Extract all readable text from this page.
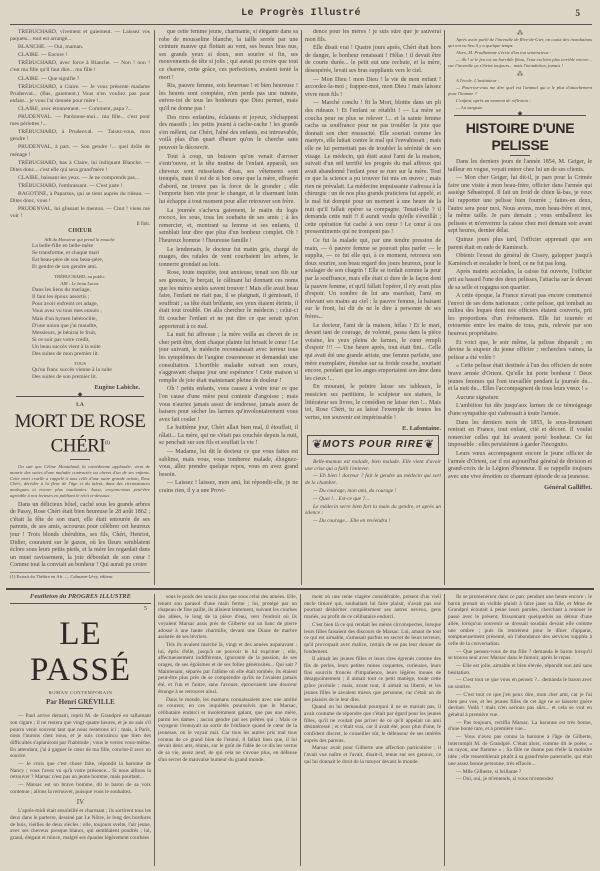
Le Progrès Illustré	5

TRÉBUCHARD, vivement et gaiement. — Laissez vos paquets... tout est arrangé...

BLANCHE. — Oui, maman.

CLAIRE. — Encore !

TRÉBUCHARD, avec force à Blanche. — Non ! non ! c'est ma fille qu'il faut dire... ma fille !

CLAIRE. — Que signifie ?

TRÉBUCHARD, à Claire. — Je vous présente madame Prudenval... (Bas, gaiement.) Vous n'en vouliez pas pour enfant... je vous l'ai donnée pour mère !...

CLAIRE, avec étonnement. — Comment, papa ?...

PRUDENVAL. — Pardonne-moi... ma fille... c'est pour mes périettes !...

TRÉBUCHARD, à Prudenval. — Taisez-vous, mon gendre !

PRUDENVAL, à part. — Son gendre !... quel drôle de ménage !

TRÉBUCHARD, bas à Claire, lui indiquant Blanche. — Dites donc... c'est elle qui sera grand'mère !

CLAIRE, baissant les yeux. — Je ne comprends pas...

TRÉBUCHARD, l'embrassant. — C'est juste !

RAGOTINE, à Paparsus, qui se tient auprès du rideau. — Dites donc, vous !

PRUDENVAL, lui glissant le menton. — Chut ! viens me voir !

Il finit.
CHŒUR
AIR du Monsieur qui prend la mouche.
La belle-fille en belle-mère
Se transforme, et chaque mari
Est beau-père de son beau-père,
Et gendre de son gendre ami.
TRÉBUCHARD, au public.
AIR : Le beau Lucas.
Dans les liens du mariage,
Il faut les époux assortis ;
Pour avoir enfreint cet adage,
Vous avez vu tous mes ennuis ;
Mais d'un hymen hétéroclite,
D'une union que j'ai maudite,
Messieurs, je bénirai le fruit,
Si ce soir par votre crédit,
Un beau succès vient à la suite
Des suites de mon premier lit.
TOUS
Qu'un franc succès vienne à la suite
Des suites de son premier lit.
Eugène Labiche.
◆
LA
MORT DE ROSE CHÉRI$^{(1)}$

On sait que Céline Montaland, la comédienne applaudie, vient de mourir des suites d'une maladie contractée au chevet d'un de ses enfants. Cette mort cruelle a rappelé à tous celle d'une autre grande artiste, Rose Chéri, décédée à la fleur de l'âge et du talent, dans des circonstances analogues et encore plus touchantes. Aussi, croyons-nous peut-être agréable à nos lecteurs en publiant le récit ci-dessous :

Dans un délicieux hôtel, caché sous les grands arbres de Passy, Rose Chéri était bien heureuse le 28 août 1862 ; c'était la fête de son mari, elle était entourée de ses parents, de ses amis, accourus pour célébrer cet heureux jour ! Trois blonds chérubins, ses fils, Chéri, Henriot, Didier, couraient sur le gazon, où les fleurs semblaient éclore sous leurs petits pieds, et la mère les regardait dans un muet ravissement, la joie débordait de son cœur ! Comme tout la conviait au bonheur ! Qui aurait pu croire

(1) Extrait du Théâtre en Afr. — Calmann-Lévy, éditeur.

que cette femme jeune, charmante, si élégante dans sa robe de mousseline blanche, la taille serrée par une ceinture mauve qui flottait au vent, ses beaux bras nus, ses grands yeux si doux, son sourire si fin, ses mouvements de tête si jolis ; qui aurait pu croire que tout ce charme, cette grâce, ces perfections, avaient tenté la mort !

Ris, pauvre femme, sois heureuse ! et bien heureuse ! les heures sont comptées, n'en perds pas une minute, enivre-toi de tous les bonheurs que Dieu permet, mais qu'il ne donne pas !

Des rires enfantins, éclatants et joyeux, s'échappent des massifs ; les petits jouent à cache-cache ! les grands s'en mêlent, car Chéri, l'aîné des enfants, est introuvable, voilà plus d'un quart d'heure qu'on le cherche sans pouvoir le découvrir.

Tout à coup, un buisson qu'on venait d'arroser s'entr'ouvre, et la tête mutine de l'enfant apparaît, ses cheveux sont ruisselants d'eau, ses vêtements sont trempés, mais il est de si bon cœur que la mère, effrayée d'abord, ne trouve pas la force de le gronder ; elle l'emporte bien vite pour le changer, et le charmant lutin lui échappe à tout moment pour aller retrouver son frère.

La journée s'acheva gaiement, le matin du logis rococo, les sous, tous les souhaits de ses amis ; à les remercier, et, montrant sa femme et ses enfants, il semblait leur dire que plus d'un bonheur complet. Oh ! l'heureux homme ! l'heureuse famille !

Le lendemain, le docteur fut matin gris, chargé de nuages, des rafales de vent courbaient les arbres, le tonnerre grondait au loin.

Rose, toute inquiète, tout anxieuse, tenait son fils sur ses genoux, le berçait, le câlinant lui donnant ces noms que les mères seules savent trouver ! Mais elle avait beau faire, l'enfant ne riait pas, il se plaignait, il gémissait, il souffrait ; sa tête était brûlante, ses yeux étaient éteints, il était tout troublé. On alla chercher le médecin ; celui-ci fit coucher l'enfant et ne put dire ce que serait qu'on apporterait à ce mal.

La nuit fut affreuse ; la mère veilla au chevet de ce cher petit être, dont chaque plainte lui brisait le cœur ! Le jour suivant, le médecin reconnaissait avec terreur tous les symptômes de l'angine couenneuse et demandait une consultation. L'horrible maladie suivait son cours, s'aggravant chaque jour une espérance ! Cette maison si remplie de joie était maintenant pleine de douleur !

Oh ! petits enfants, vous causez à votre tour ce que l'on cause d'une mère peut contenir d'angoisse ; mais vous n'auriez jamais assez de tendresse, jamais assez de baisers pour sécher les larmes qu'involontairement vous avez fait couler !

Le huitième jour, Chéri allait bien mal, il étouffait, il râlait... La mère, qui ne s'était pas couchée depuis la nuit, se penchait sur son fils et souffait la vie !

— Madame, lui dit le docteur ce que vous faites est sublime, mais vous, vous tomberez malade, éloignez-vous, allez prendre quelque repos, vous en avez grand besoin.

— Laissez ! laissez, mon ami, lui répondit-elle, je ne crains rien, il y a une Provi-

dence pour les mères ! je suis sûre que je sauverai mon fils.

Elle disait vrai ! Quatre jours après, Chéri était hors de danger, le bonheur renaissait ! Hélas ! il devait être de courte durée... le petit eut une rechute, et la mère, désespérée, levait ses bras suppliants vers le ciel.

— Mon Dieu ! mon Dieu ! la vie de mon enfant ! accordez-la-moi ; frappez-moi, mon Dieu ! mais laissez vivre mon fils !

— Marché conclu ! fit la Mort, blottie dans un pli des rideaux ! Et l'enfant se rétablit ! — La mère se coucha pour ne plus se relever !... et la sainte femme cacha sa souffrance pour ne pas troubler la joie que donnait son cher ressuscité. Elle souriait comme les martyrs, elle luttait contre le mal qui l'envahissait ; mais elle ne lui permettait pas de troubler la sérénité de son visage. Le médecin, qui était aussi l'ami de la maison, suivait d'un œil terrifié les progrès du mal affreux qui avait abandonné l'enfant pour se ruer sur la mère. Tout ce que la science a pu trouver fut mis en œuvre ; mais rien ne prévalait. La médecine impuissante s'adressa à la chirurgie : un de nos plus grands praticiens fut appelé, et le mal fut dompté pour un moment à une heure de la nuit qu'il fallait opérer sa compagne. Tenait-elle ? il demanda cette nuit !! il aurait voulu qu'elle s'éveillât ; cette opération fut caché à son cœur ! Le cœur à ces pressentiments qui ne trompent pas !

Ce fut la malade qui, par une tendre pression de main, — ô pauvre femme se pouvait plus parler — le supplia, — ce fut elle qui, à ce moment, retrouva son doux sourire, son beau regard des jours heureux, pour le soulager de son chagrin ! Elle se tordait comme la peur par la souffrance, mais elle était si dure de la façon dont la pauvre femme, et qu'il fallait l'opérer, il n'y avait plus d'espoir. Un sombre de lui ans marchait, l'ami en relevant ses mains au ciel : la pauvre femme, la baisant sur le front, lui dit de ne le dire à personne de ses frères...

Le docteur, l'ami de la maison, hélas ! Et le mari, devant tant de courage, de volonté, passa dans la pièce voisine, les yeux pleins de larmes, le cœur rempli d'espoir !!! — Une heure après, tout était fini... Celle qui avait été une grande artiste, une femme parfaite, une mère exemplaire, étendue sur sa froide couche, souriant encore, pendant que les anges emportaient son âme dans les cieux !...

En mourant, le peintre laisse ses tableaux, le musicien ses partitions, le sculpteur ses statues, le littérateur ses livres, le comédien ne laisse rien !... Mais toi, Rose Chéri, tu as laissé l'exemple de toutes les vertus, ton souvenir est impérissable !

E. Lafontaine.
❦ MOTS POUR RIRE ❦

Belle-maman est malade, bien malade. Elle vient d'avoir une crise qui a failli l'enlever.

— Eh bien ! docteur ? fait le gendre au médecin qui sort de la chambre.

— Du courage, mon ami, du courage !

— Quoi !... Est-ce que ?...

Le médecin serre bien fort la main du gendre, et après un silence :

— Du courage... Elle en reviendra !

⁂

Après avoir parlé de l'incendie de Rive-de-Gier, on cause des inondations qui ont eu lieu il y a quelque temps.

Alors, M. Prudhomme s'écrie d'un ton sentencieux :

— Ah ! si le feu est un horrible fléau, l'eau est bien plus terrible encore... car l'incendie ça s'éteint toujours... mais l'inondation, jamais !

⁂

A l'école. L'instituteur :

— Pourriez-vous me dire quel est l'animal qui a le plus d'attachement pour l'homme ?

L'enfant, après un moment de réflexion :

— La sangsue.

◆
HISTOIRE D'UNE PELISSE

Dans les derniers jours de l'année 1854, M. Geiger, le tailleur en vogue, voyait entrer chez lui un de ses clients.

— Mon cher Geiger, lui dit-il, je pars pour la Crimée faire une visite à mon beau-frère, officier dans l'armée qui assiège Sébastopol. Il fait un froid de chien là-bas, je veux lui rapporter une pelisse bien fourrée ; faites-en deux, l'autre sera pour moi. Nous avons, mon beau-frère et moi, la même taille. Je pars demain ; vous emballerez les pelisses et m'enverrez la caisse chez moi demain soir avant sept heures, dernier délai.

Quinze jours plus tard, l'officier apprenait que son parent était en rade de Kamiesch.

Obtenir l'exeat du général de Cissey, galopper jusqu'à Kamiesch et escalader le bord, ce ne fut pas long.

Après maints accolades, la caisse fut ouverte, l'officier prit au hasard l'une des deux pelisses, l'attacha sur le devant de sa selle et regagna son quartier.

A cette époque, la France n'avait pas encore commencé l'envoi de ses dons nationaux ; cette pelisse, qui tombait au milieu des loques dont nos officiers étaient couverts, prit les proportions d'un événement. Elle fut tournée et retournée entre les mains de tous, puis, relevée par son heureux propriétaire.

Et voici que, le soir même, la pelisse disparaît ; on devine la stupeur du jeune officier ; recherches vaines, la pelisse a été volée !

« Cette pelisse était destinée à l'un des officiers de notre brave armée d'Orient. Qu'elle lui porte bonheur ! Deux jeunes femmes qui l'ont travaillée pendant la journée du... et la nuit du... Elles l'accompagnent de tous leurs vœux ! »

Aucune signature.

L'ambition fut dès jusqu'aux larmes de ce témoignage d'une sympathie qui s'adressait à toute l'armée.

Dans les derniers mois de 1855, le sous-lieutenant rentrait en France, tout enfant, cité et décoré. Il voulut remercier celles qui lui avaient porté bonheur. Ce fut impossible : elles persistèrent à garder l'incognito.

Leurs vœux accompagnent encore le jeune officier de l'armée d'Orient, car il est aujourd'hui général de division et grand-croix de la Légion d'honneur. Il se rappelle toujours avec une vive émotion ce charmant épisode de sa jeunesse.

Général Galliffet.
Feuilleton du PROGRÈS ILLUSTRÉ
5
LE PASSÉ
ROMAN CONTEMPORAIN
Par Henri GRÉVILLE

— Paul arrive demain, reprit M. de Grandpré en rallumant son cigare ; il ne restera que vingt-quatre heures, et je ne sais s'il pourra venir souvent tant que nous resterons ici ; mais, à Paris, nous l'aurons chez nous, et je suis convaincu que bien des difficultés s'aplaniront par l'habitude ; vous le verrez vous-même. En attendant, j'ai à gagner le cœur de ma fille, conclut-il avec un sourire.

— Je crois que c'est chose faite, répondit la baronne de Nancy ; vous l'avez vu qu'à votre présence... Si nous allions la retrouver ? Marsac n'est pas un jeune homme, mais pourtant...

— Marsac est un brave homme, dit le baron de sa voix contenue ; allons la retrouver, puisque vous le souhaitez.

IV

L'après-midi était ensoleillé et charmant ; ils sortirent tous les deux dans le parterre, dessiné par Le Nôtre, le long des bordures de buis, vieilles de deux siècles : elle, toujours svelte, l'air jeune, avec ses cheveux presque blancs, qui semblaient poudrés ; lui, grand, élégant et mince, malgré ses épaules légèrement courbées

sous le poids des soucis plus que sous celui des années. Elle, tenant son parasol d'une main ferme ; lui, protégé par un chapeau de fine paille, ils allaient lentement, suivant les courbes des allées, le long de la pièce d'eau, vers l'endroit où ils voyaient Marsac assis près de Gilberte sur un banc de pierre adossé à une haute charmille, devant une Diane de marbre assistée de ses lévriers.

Tels ils avaient marché là, vingt et des années auparavant : lui, épris d'elle, jusqu'à ne pouvoir le lui exprimer ; elle, affectueusement indifférente, ignorante de la passion, de ses orages, de ses égoïsmes et de ses folles générosités... Qui sait ? Maintenant, séparés par l'abîme où elle était tombée, ils étaient peut-être plus près de se comprendre qu'ils ne l'avaient jamais été, et l'un et l'autre, sans l'avouer, éprouvaient une douceur étrange à se retrouver ainsi.

Dans le monde, les mamans connaissaient avec une amitié ce coureur, en ces inquiétés poursuivis que le Marsac, célibataire endurci et insolemment galant, que pas une mère, parmi les dames ; aucun gendre par ses prêtres qui ; Mais ce voyageur l'ennuyait au sortir de l'enfance quand le cœur de la jeunesse, on le voyait mal. Car tous les autres pris mal tous connus de ce grand bien de l'ennui, il fallait bien que, il lui devait deux arts, réunis, sur le goût de l'idée de ce dis les vertus de sa vie, assez neuf, de qui cela ne s'avoue plus, en défense d'un secret de mauvaise humeur du grand monde.

ment où une rente viagère considérable, présent d'un vieil oncle timoré qui, souhaitant lui faire plaisir, n'avait pas osé pourtant déshériter complètement ses autres neveux, gens mariés, au profit de ce célibataire endurci.

C'est bien là ce qui rendait les mères circonspectes, lorsque leurs filles faisaient des discours de Marsac. Lui, amant de tout ce qui est aimable, s'amusait parfois en secret de leurs terreurs, qu'il provoquait avec malice, certain de ne pas leur donner de fondement.

Il aimait les jeunes filles et leurs rires égrenés comme des fils de perles, leurs petites mines coquettes, curieuses, leurs fins sourcils froncés d'impatience, leurs légères moues de désappointement ; il aimait tout ce petit manège, toute cette grâce juvénile ; mais, avant tout, il aimait sa liberté, et les jeunes filles le savaient mieux que personne, car c'était un de ses plaisirs de le leur dire.

Quand on lui demandait pourquoi il ne se mariait pas, il avait coutume de répondre que c'était par égard pour les jeunes filles, qu'il ne voulait pas priver de ce qu'il appelait un ami désintéressé ; et c'était vrai, car il avait été, pour plus d'une, le confident discret, le conseiller sûr, le défenseur de ses intérêts auprès des parents.

Marsac avait pour Gilberte une affection particulière ; il l'avait vue naître et l'avait, disait-il, tenue sur ses genoux, ce qui lui donnait le droit de la tutoyer devant le monde.

Ils se promenèrent dans ce parc pendant une heure encore ; le baron prenait un visible plaisir à faire jaser sa fille, et Mme de Grandpré écoutait à peine leurs paroles, cherchant à renouer le passé avec le présent, frissonnant quelquefois au détour d'une allée, lorsqu'un souvenir se dressait soudain devant elle comme une ombre ; puis ils rentrèrent pour le dîner d'apparat, somptueusement présenté, où l'abondance des services suppléa à celle de la conversation.

— Que pensez-vous de ma fille ? demanda le baron lorsqu'il se trouva seul avec Marsac dans le fumoir, après le repas.

— Elle est jolie, aimable et bien élevée, répondit son ami sans hésitation.

— C'est tout ce que vous en pensez ?... demanda le baron avec un sourire.

— C'est tout ce que j'en peux dire, mon cher ami, car je l'ai bien peu vue, et les jeunes filles de cet âge ne se laissent guère deviner. Voilà ! mais n'en serions pas sûrs... et cela se voit en général à première vue.

— Pas toujours, rectifia Marsac. La baronne est très bonne, d'une bonté rare, et à première vue...

— Vous n'avez pas connu la baronne à l'âge de Gilberte, interrompit M. de Grandpré. C'était alors, comme dit le poète, « un rayon, une flamme » ; Sa fille ne donne pas d'elle la moindre idée ; elle ressemblerait plutôt à sa grand'mère paternelle, qui était une assez bonne personne, très effacée...

— Mlle Gilberte, si brillante ?

— Oui, oui, je m'entends, si vous m'entendez
